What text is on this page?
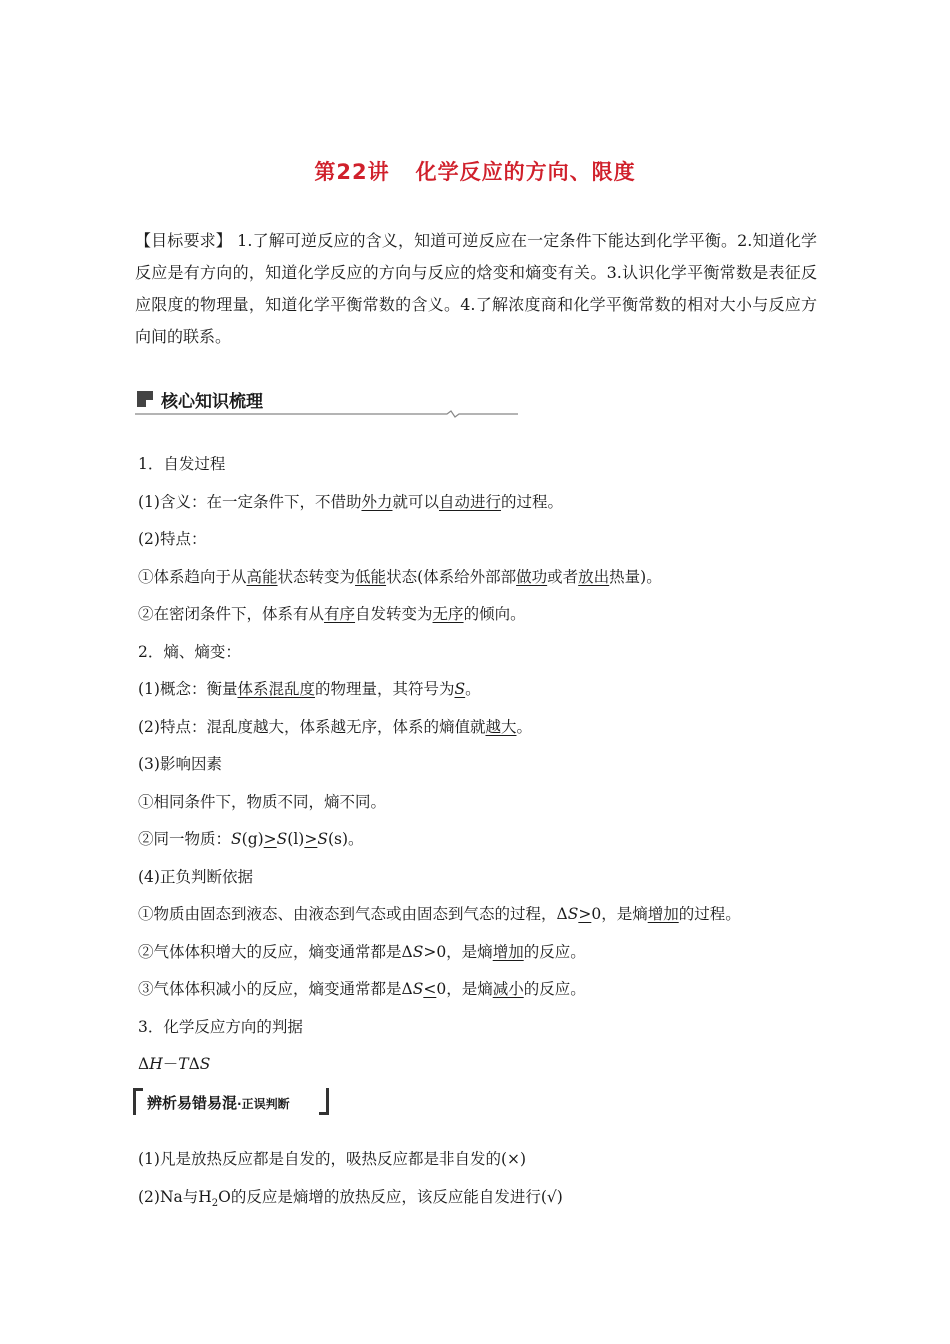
第22讲 化学反应的方向、限度
【目标要求】 1.了解可逆反应的含义，知道可逆反应在一定条件下能达到化学平衡。2.知道化学反应是有方向的，知道化学反应的方向与反应的焓变和熵变有关。3.认识化学平衡常数是表征反应限度的物理量，知道化学平衡常数的含义。4.了解浓度商和化学平衡常数的相对大小与反应方向间的联系。
核心知识梳理
1．自发过程
(1)含义：在一定条件下，不借助外力就可以自动进行的过程。
(2)特点：
①体系趋向于从高能状态转变为低能状态(体系给外部部做功或者放出热量)。
②在密闭条件下，体系有从有序自发转变为无序的倾向。
2．熵、熵变：
(1)概念：衡量体系混乱度的物理量，其符号为S。
(2)特点：混乱度越大，体系越无序，体系的熵值就越大。
(3)影响因素
①相同条件下，物质不同，熵不同。
②同一物质：S(g)>S(l)>S(s)。
(4)正负判断依据
①物质由固态到液态、由液态到气态或由固态到气态的过程，ΔS>0，是熵增加的过程。
②气体体积增大的反应，熵变通常都是ΔS>0，是熵增加的反应。
③气体体积减小的反应，熵变通常都是ΔS<0，是熵减小的反应。
3．化学反应方向的判据
ΔH－TΔS
辨析易错易混·正误判断
(1)凡是放热反应都是自发的，吸热反应都是非自发的(×)
(2)Na与$H_2O$的反应是熵增的放热反应，该反应能自发进行(√)
